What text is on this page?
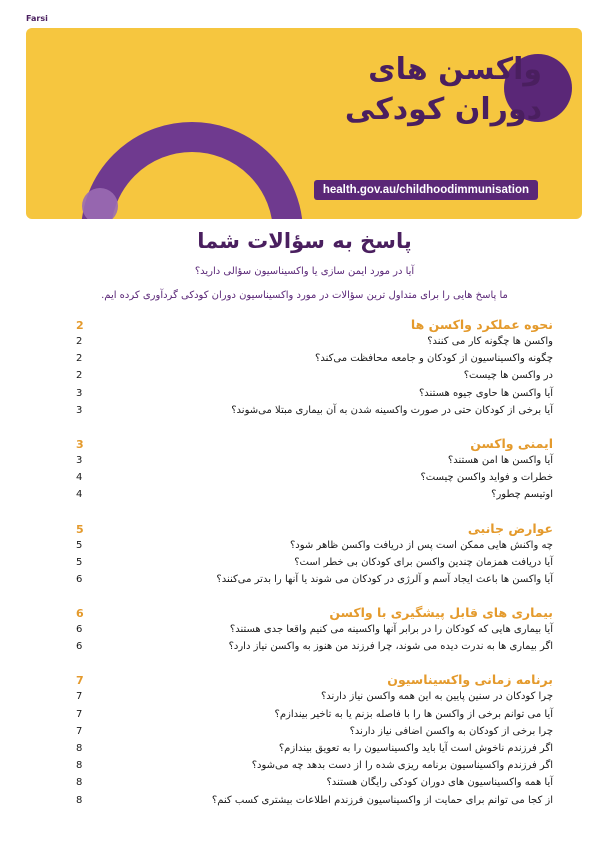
Farsi
واکسن های
دوران کودکی
health.gov.au/childhoodimmunisation
پاسخ به سؤالات شما
آیا در مورد ایمن سازی یا واکسیناسیون سؤالی دارید؟
ما پاسخ هایی را برای متداول ترین سؤالات در مورد واکسیناسیون دوران کودکی گردآوری کرده ایم.
نحوه عملکرد واکسن ها
2
واکسن ها چگونه کار می کنند؟
2
چگونه واکسیناسیون از کودکان و جامعه محافظت می‌کند؟
2
در واکسن ها چیست؟
2
آیا واکسن ها حاوی جیوه هستند؟
3
آیا برخی از کودکان حتی در صورت واکسینه شدن به آن بیماری مبتلا می‌شوند؟
3
ایمنی واکسن
3
آیا واکسن ها امن هستند؟
3
خطرات و فواید واکسن چیست؟
4
اوتیسم چطور؟
4
عوارض جانبی
5
چه واکنش هایی ممکن است پس از دریافت واکسن ظاهر شود؟
5
آیا دریافت همزمان چندین واکسن برای کودکان بی خطر است؟
5
آیا واکسن ها باعث ایجاد آسم و آلرژی در کودکان می شوند یا آنها را بدتر می‌کنند؟
6
بیماری های قابل پیشگیری با واکسن
6
آیا بیماری هایی که کودکان را در برابر آنها واکسینه می کنیم واقعا جدی هستند؟
6
اگر بیماری ها به ندرت دیده می شوند، چرا فرزند من هنوز به واکسن نیاز دارد؟
6
برنامه زمانی واکسیناسیون
7
چرا کودکان در سنین پایین به این همه واکسن نیاز دارند؟
7
آیا می توانم برخی از واکسن ها را با فاصله بزنم یا به تاخیر بیندازم؟
7
چرا برخی از کودکان به واکسن اضافی نیاز دارند؟
7
اگر فرزندم ناخوش است آیا باید واکسیناسیون را به تعویق بیندازم؟
8
اگر فرزندم واکسیناسیون برنامه ریزی شده را از دست بدهد چه می‌شود؟
8
آیا همه واکسیناسیون های دوران کودکی رایگان هستند؟
8
از کجا می توانم برای حمایت از واکسیناسیون فرزندم اطلاعات بیشتری کسب کنم؟
8
